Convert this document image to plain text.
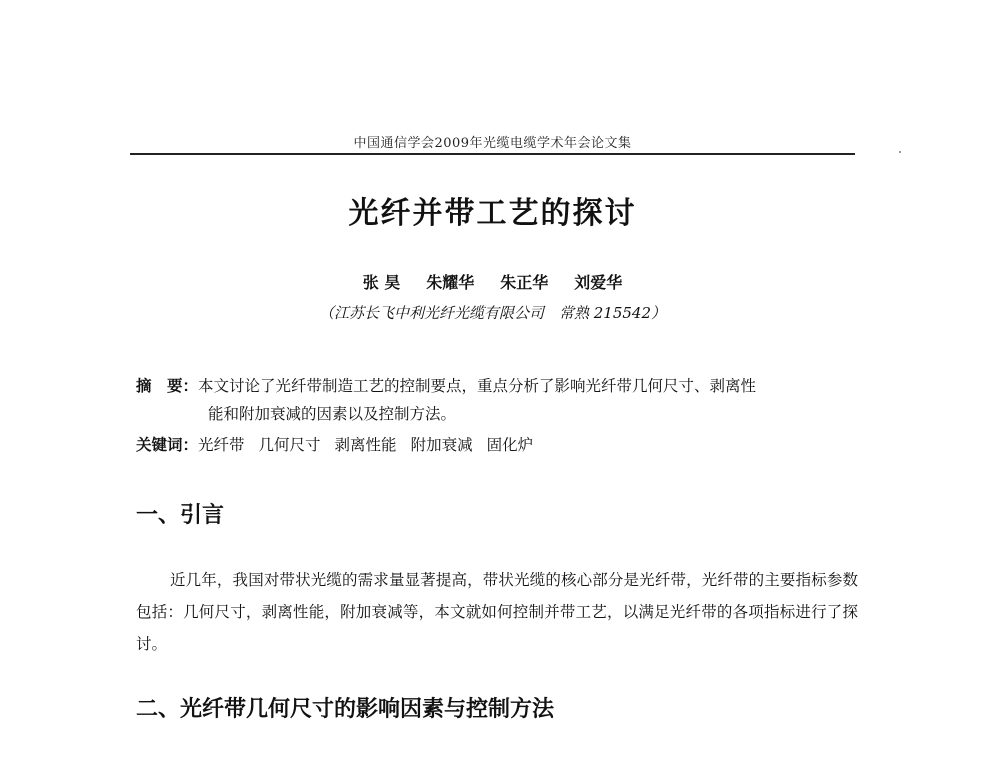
中国通信学会2009年光缆电缆学术年会论文集
光纤并带工艺的探讨
张 昊 朱耀华 朱正华 刘爱华
（江苏长飞中利光纤光缆有限公司　常熟 215542）
摘　要：本文讨论了光纤带制造工艺的控制要点，重点分析了影响光纤带几何尺寸、剥离性
能和附加衰减的因素以及控制方法。
关键词：光纤带 几何尺寸 剥离性能 附加衰减 固化炉
一、引言
近几年，我国对带状光缆的需求量显著提高，带状光缆的核心部分是光纤带，光纤带的主要指标参数包括：几何尺寸，剥离性能，附加衰减等，本文就如何控制并带工艺，以满足光纤带的各项指标进行了探讨。
二、光纤带几何尺寸的影响因素与控制方法
